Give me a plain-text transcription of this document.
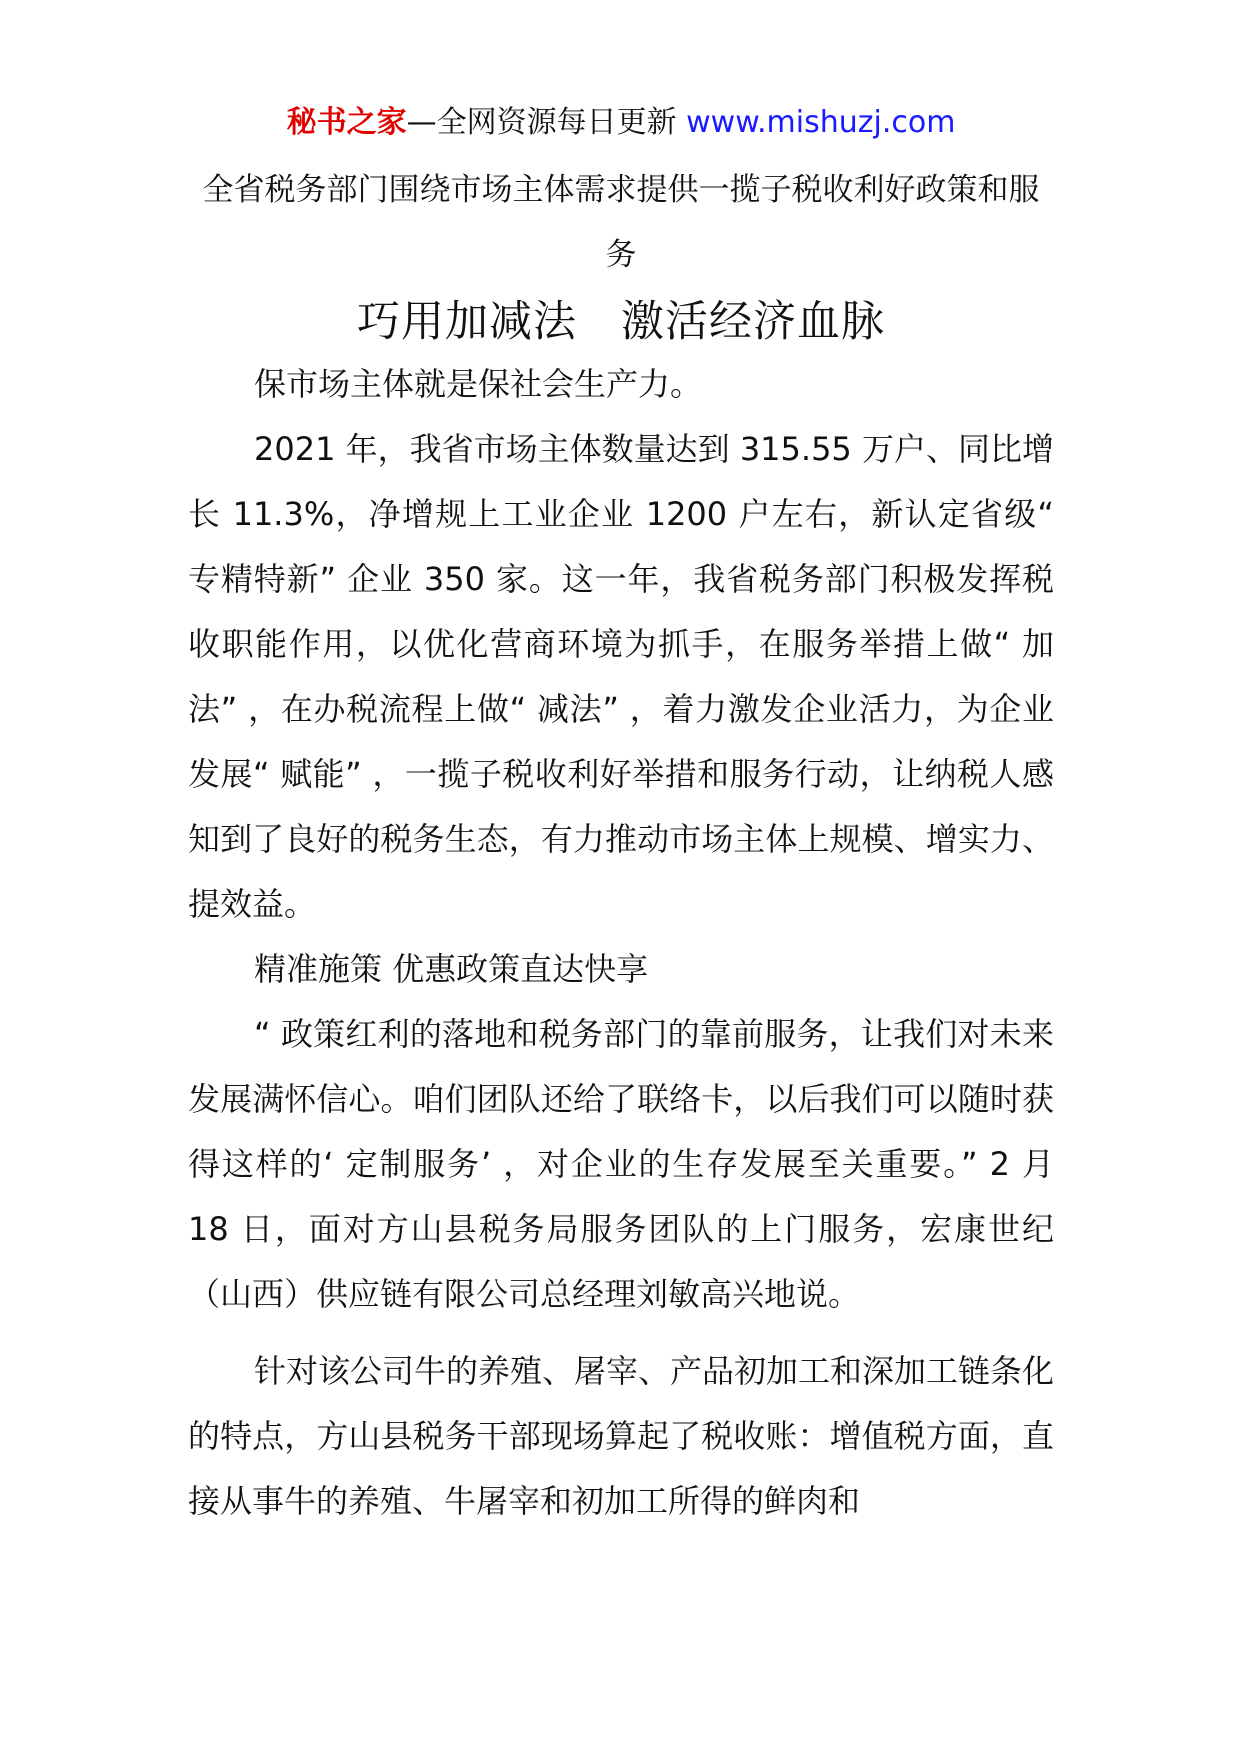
秘书之家—全网资源每日更新 www.mishuzj.com
全省税务部门围绕市场主体需求提供一揽子税收利好政策和服务
巧用加减法　激活经济血脉

保市场主体就是保社会生产力。

2021 年，我省市场主体数量达到 315.55 万户、同比增长 11.3%，净增规上工业企业 1200 户左右，新认定省级“ 专精特新” 企业 350 家。这一年，我省税务部门积极发挥税收职能作用，以优化营商环境为抓手，在服务举措上做“ 加法” ，在办税流程上做“ 减法” ，着力激发企业活力，为企业发展“ 赋能” ，一揽子税收利好举措和服务行动，让纳税人感知到了良好的税务生态，有力推动市场主体上规模、增实力、提效益。

精准施策 优惠政策直达快享

“ 政策红利的落地和税务部门的靠前服务，让我们对未来发展满怀信心。咱们团队还给了联络卡，以后我们可以随时获得这样的‘ 定制服务’ ，对企业的生存发展至关重要。” 2 月 18 日，面对方山县税务局服务团队的上门服务，宏康世纪（山西）供应链有限公司总经理刘敏高兴地说。

针对该公司牛的养殖、屠宰、产品初加工和深加工链条化的特点，方山县税务干部现场算起了税收账：增值税方面，直接从事牛的养殖、牛屠宰和初加工所得的鲜肉和
